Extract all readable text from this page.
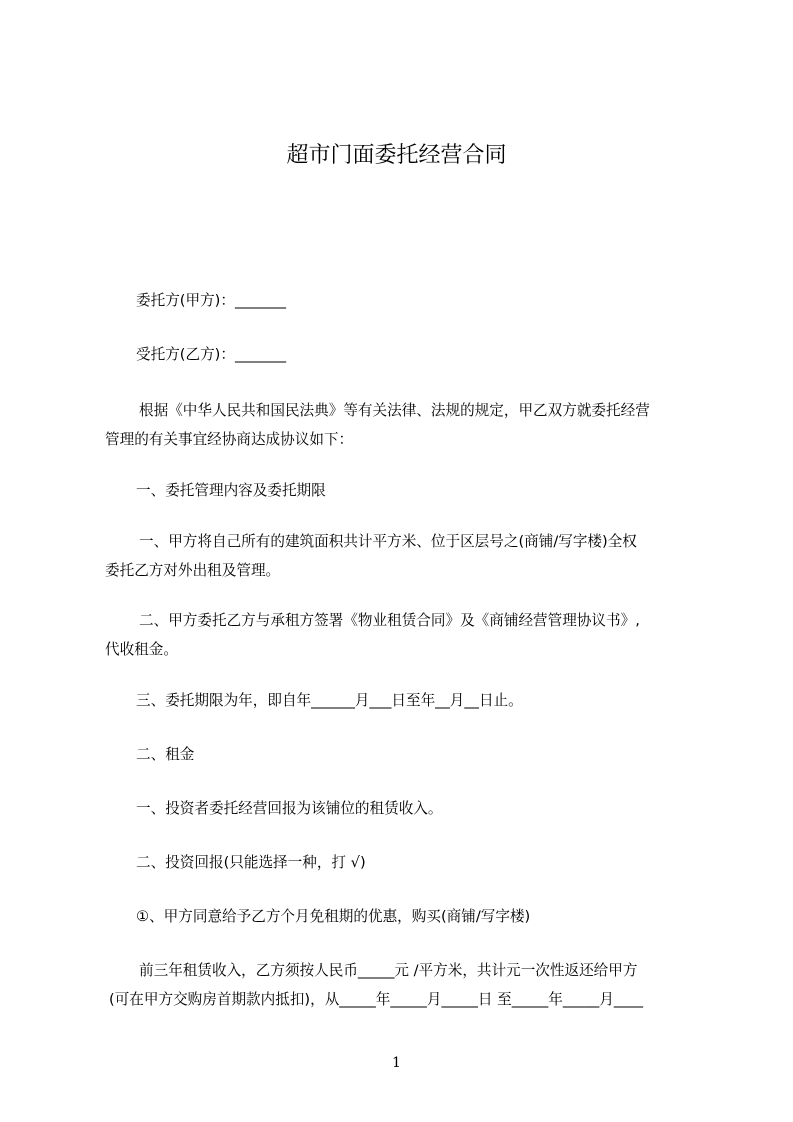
超市门面委托经营合同
委托方(甲方)：_______
受托方(乙方)：_______
根据《中华人民共和国民法典》等有关法律、法规的规定，甲乙双方就委托经营
管理的有关事宜经协商达成协议如下：
一、委托管理内容及委托期限
一、甲方将自己所有的建筑面积共计平方米、位于区层号之(商铺/写字楼)全权
委托乙方对外出租及管理。
二、甲方委托乙方与承租方签署《物业租赁合同》及《商铺经营管理协议书》,
代收租金。
三、委托期限为年，即自年______月___日至年__月__日止。
二、租金
一、投资者委托经营回报为该铺位的租赁收入。
二、投资回报(只能选择一种，打 √)
①、甲方同意给予乙方个月免租期的优惠，购买(商铺/写字楼)
前三年租赁收入，乙方须按人民币_____元 /平方米，共计元一次性返还给甲方
(可在甲方交购房首期款内抵扣)，从_____年_____月_____日 至_____年_____月____
1
